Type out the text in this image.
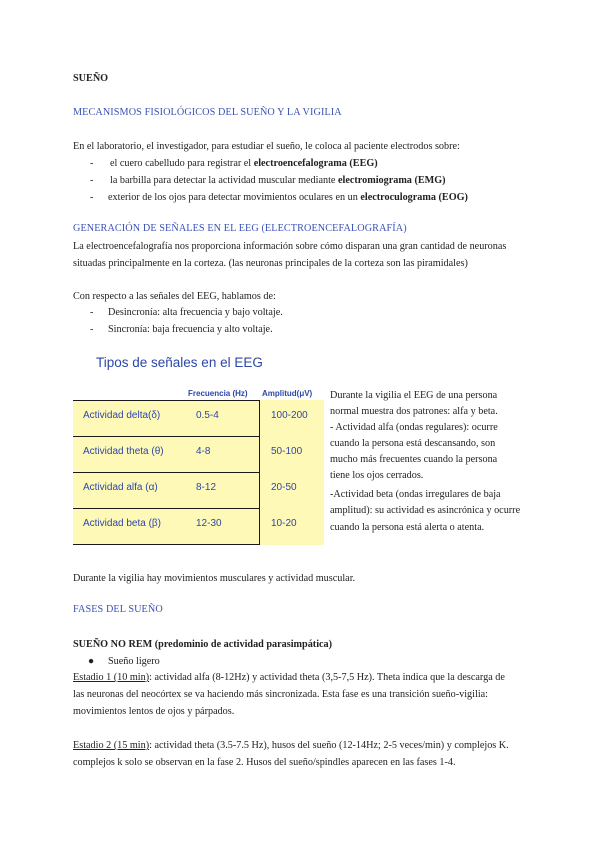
SUEÑO
MECANISMOS FISIOLÓGICOS DEL SUEÑO Y LA VIGILIA
En el laboratorio, el investigador, para estudiar el sueño, le coloca al paciente electrodos sobre:
- el cuero cabelludo para registrar el electroencefalograma (EEG)
- la barbilla para detectar la actividad muscular mediante electromiograma (EMG)
- exterior de los ojos para detectar movimientos oculares en un electroculograma (EOG)
GENERACIÓN DE SEÑALES EN EL EEG (ELECTROENCEFALOGRAFÍA)
La electroencefalografía nos proporciona información sobre cómo disparan una gran cantidad de neuronas
situadas principalmente en la corteza. (las neuronas principales de la corteza son las piramidales)
Con respecto a las señales del EEG, hablamos de:
- Desincronía: alta frecuencia y bajo voltaje.
- Sincronía: baja frecuencia y alto voltaje.
Tipos de señales en el EEG
Frecuencia (Hz) Amplitud(μV)
Actividad delta(δ)	0.5-4	100-200
Actividad theta (θ)	4-8	50-100
Actividad alfa (α)	8-12	20-50
Actividad beta (β)	12-30	10-20
Durante la vigilia el EEG de una persona
normal muestra dos patrones: alfa y beta.
- Actividad alfa (ondas regulares): ocurre
cuando la persona está descansando, son
mucho más frecuentes cuando la persona
tiene los ojos cerrados.
-Actividad beta (ondas irregulares de baja
amplitud): su actividad es asincrónica y ocurre
cuando la persona está alerta o atenta.
Durante la vigilia hay movimientos musculares y actividad muscular.
FASES DEL SUEÑO
SUEÑO NO REM (predominio de actividad parasimpática)
● Sueño ligero
Estadio 1 (10 min): actividad alfa (8-12Hz) y actividad theta (3,5-7,5 Hz). Theta indica que la descarga de
las neuronas del neocórtex se va haciendo más sincronizada. Esta fase es una transición sueño-vigilia:
movimientos lentos de ojos y párpados.
Estadio 2 (15 min): actividad theta (3.5-7.5 Hz), husos del sueño (12-14Hz; 2-5 veces/min) y complejos K.
complejos k solo se observan en la fase 2. Husos del sueño/spindles aparecen en las fases 1-4.
